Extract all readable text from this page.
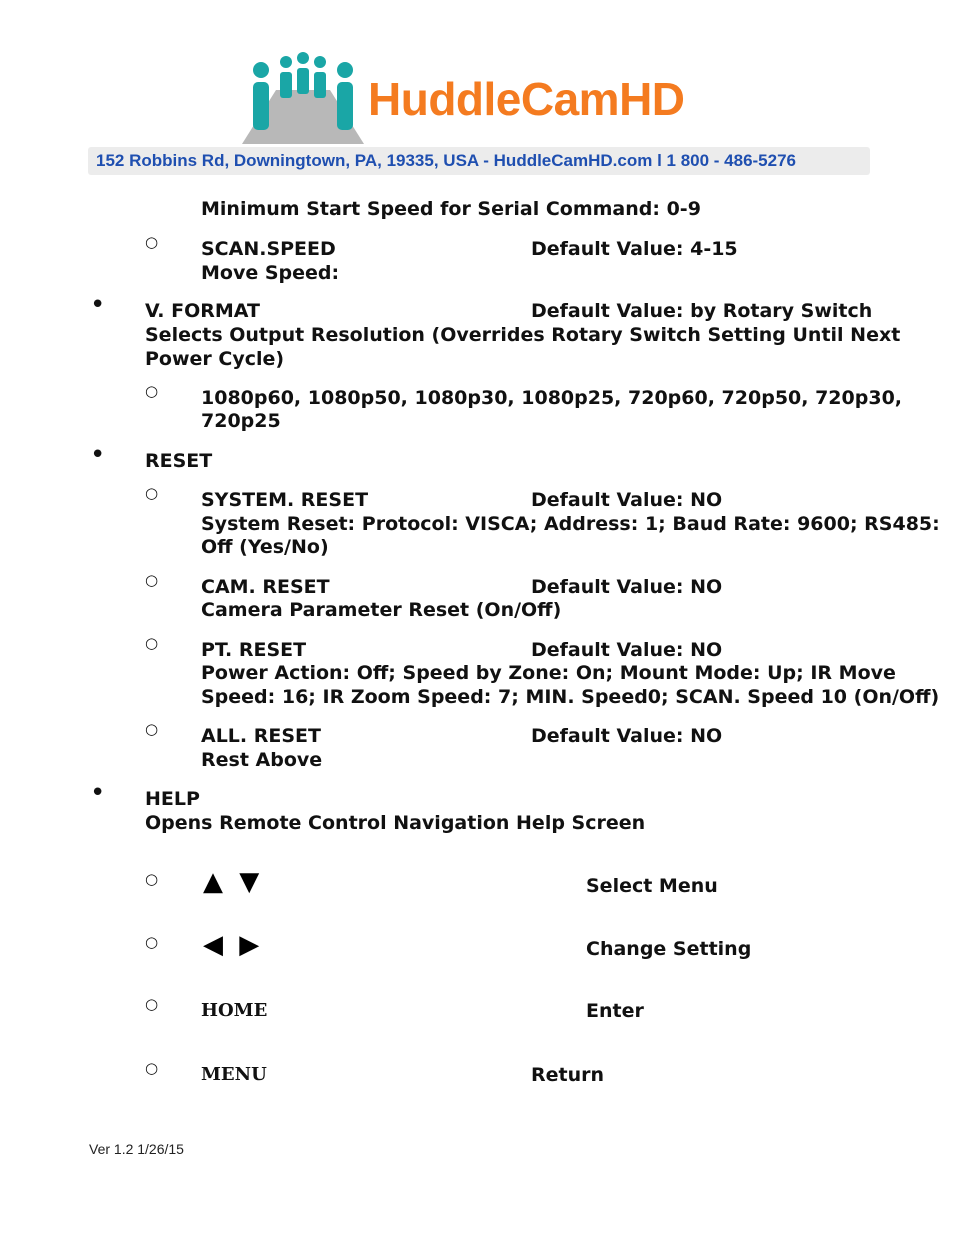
HuddleCamHD
152 Robbins Rd, Downingtown, PA, 19335, USA - HuddleCamHD.com l 1 800 - 486-5276
Minimum Start Speed for Serial Command: 0-9
○ SCAN.SPEED	Default Value: 4-15
Move Speed:
• V. FORMAT	Default Value: by Rotary Switch
Selects Output Resolution (Overrides Rotary Switch Setting Until Next
Power Cycle)
○ 1080p60, 1080p50, 1080p30, 1080p25, 720p60, 720p50, 720p30,
720p25
• RESET
○ SYSTEM. RESET	Default Value: NO
System Reset: Protocol: VISCA; Address: 1; Baud Rate: 9600; RS485:
Off (Yes/No)
○ CAM. RESET	Default Value: NO
Camera Parameter Reset (On/Off)
○ PT. RESET	Default Value: NO
Power Action: Off; Speed by Zone: On; Mount Mode: Up; IR Move
Speed: 16; IR Zoom Speed: 7; MIN. Speed0; SCAN. Speed 10 (On/Off)
○ ALL. RESET	Default Value: NO
Rest Above
• HELP
Opens Remote Control Navigation Help Screen
○ ▲ ▼	Select Menu
○ ◀ ▶	Change Setting
○ HOME	Enter
○ MENU	Return
Ver 1.2 1/26/15
